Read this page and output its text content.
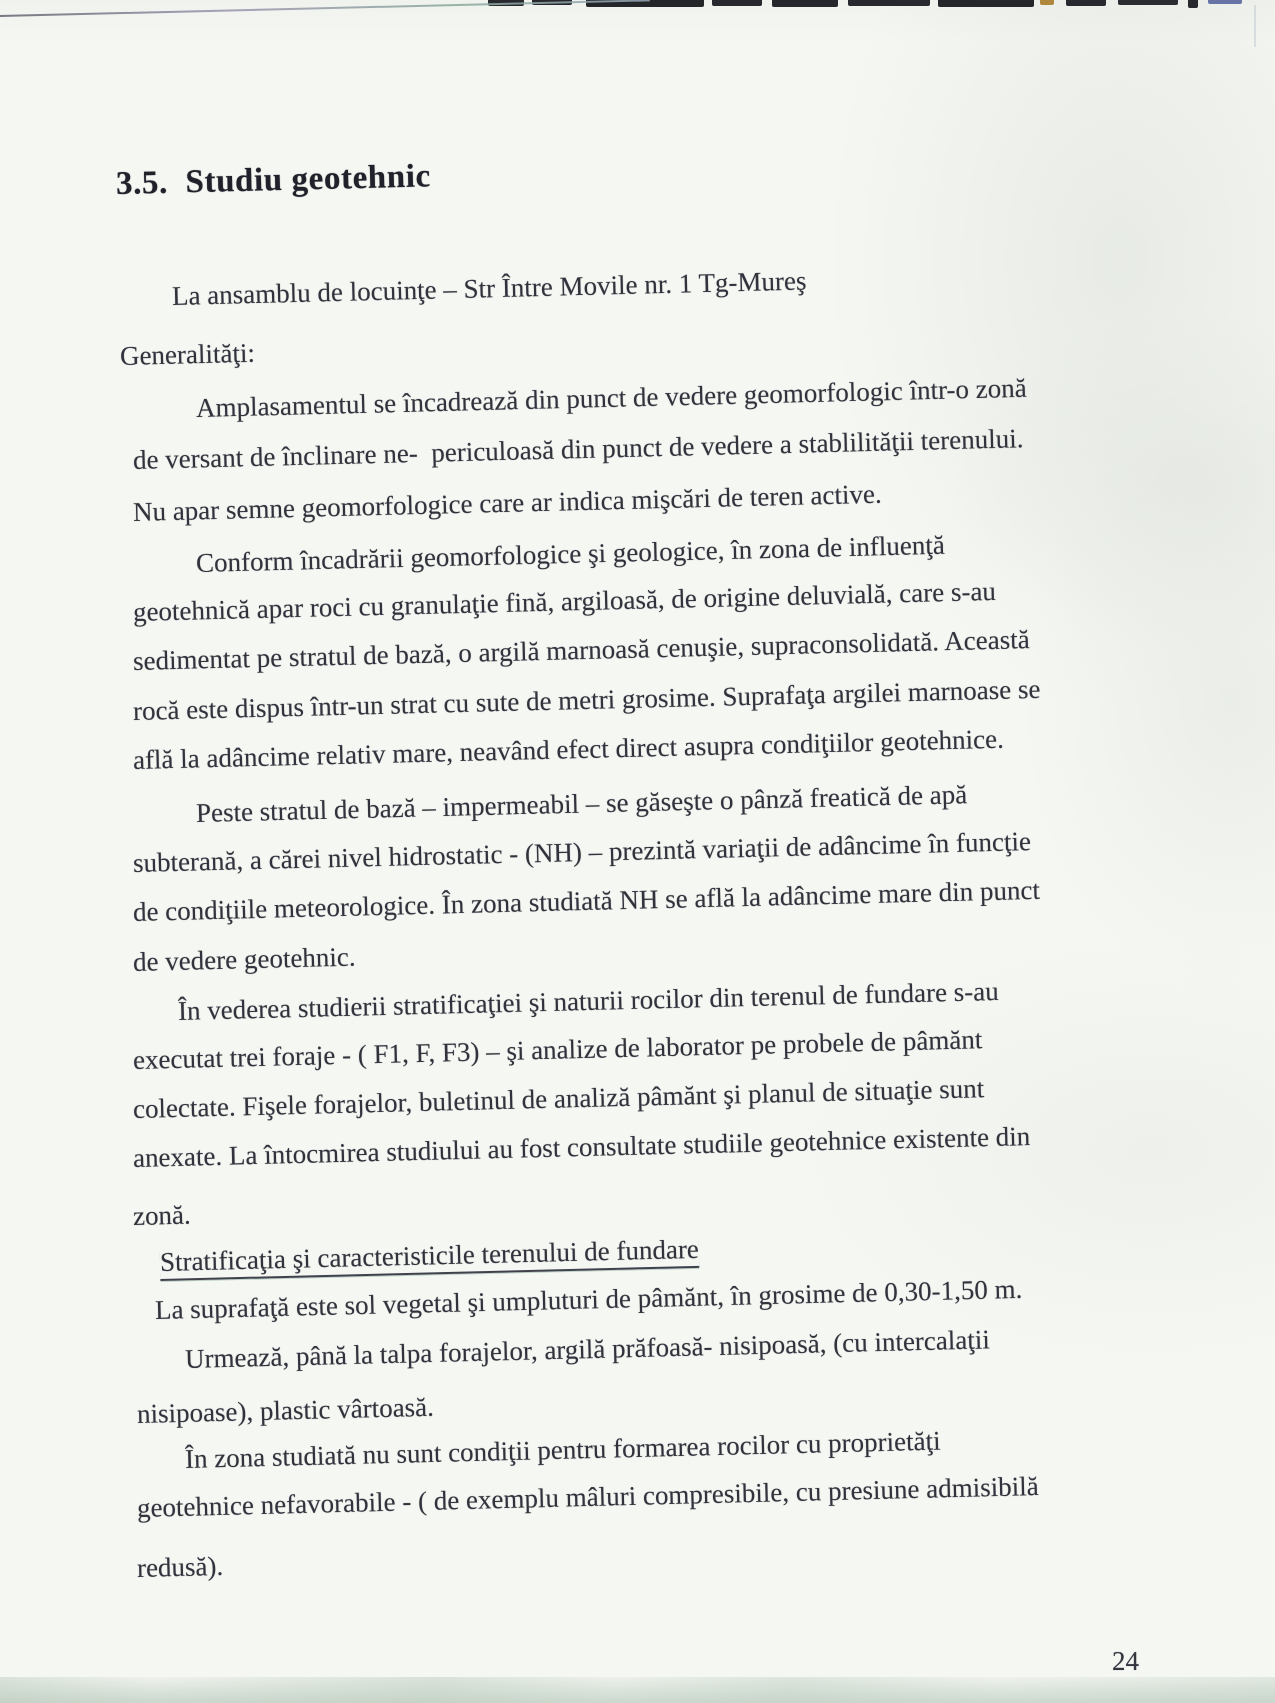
3.5.  Studiu geotehnic
La ansamblu de locuinţe – Str Între Movile nr. 1 Tg-Mureş
Generalităţi:
Amplasamentul se încadrează din punct de vedere geomorfologic într-o zonă
de versant de înclinare ne-  periculoasă din punct de vedere a stablilităţii terenului.
Nu apar semne geomorfologice care ar indica mişcări de teren active.
Conform încadrării geomorfologice şi geologice, în zona de influenţă
geotehnică apar roci cu granulaţie fină, argiloasă, de origine deluvială, care s-au
sedimentat pe stratul de bază, o argilă marnoasă cenuşie, supraconsolidată. Această
rocă este dispus într-un strat cu sute de metri grosime. Suprafaţa argilei marnoase se
află la adâncime relativ mare, neavând efect direct asupra condiţiilor geotehnice.
Peste stratul de bază – impermeabil – se găseşte o pânză freatică de apă
subterană, a cărei nivel hidrostatic - (NH) – prezintă variaţii de adâncime în funcţie
de condiţiile meteorologice. În zona studiată NH se află la adâncime mare din punct
de vedere geotehnic.
În vederea studierii stratificaţiei şi naturii rocilor din terenul de fundare s-au
executat trei foraje - ( F1, F, F3) – şi analize de laborator pe probele de pâmănt
colectate. Fişele forajelor, buletinul de analiză pâmănt şi planul de situaţie sunt
anexate. La întocmirea studiului au fost consultate studiile geotehnice existente din
zonă.
Stratificaţia şi caracteristicile terenului de fundare
La suprafaţă este sol vegetal şi umpluturi de pâmănt, în grosime de 0,30-1,50 m.
Urmează, până la talpa forajelor, argilă prăfoasă- nisipoasă, (cu intercalaţii
nisipoase), plastic vârtoasă.
În zona studiată nu sunt condiţii pentru formarea rocilor cu proprietăţi
geotehnice nefavorabile - ( de exemplu mâluri compresibile, cu presiune admisibilă
redusă).
24
